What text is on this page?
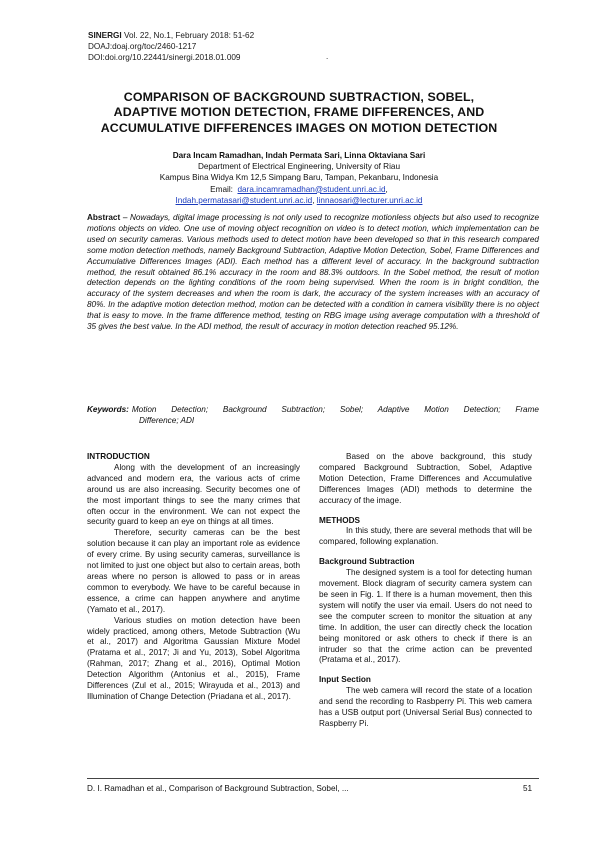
SINERGI Vol. 22, No.1, February 2018: 51-62
DOAJ:doaj.org/toc/2460-1217
DOI:doi.org/10.22441/sinergi.2018.01.009	.
COMPARISON OF BACKGROUND SUBTRACTION, SOBEL,
ADAPTIVE MOTION DETECTION, FRAME DIFFERENCES, AND
ACCUMULATIVE DIFFERENCES IMAGES ON MOTION DETECTION
Dara Incam Ramadhan, Indah Permata Sari, Linna Oktaviana Sari
Department of Electrical Engineering, University of Riau
Kampus Bina Widya Km 12,5 Simpang Baru, Tampan, Pekanbaru, Indonesia
Email: dara.incamramadhan@student.unri.ac.id,
Indah.permatasari@student.unri.ac.id, linnaosari@lecturer.unri.ac.id
Abstract – Nowadays, digital image processing is not only used to recognize motionless objects but also used to recognize motions objects on video. One use of moving object recognition on video is to detect motion, which implementation can be used on security cameras. Various methods used to detect motion have been developed so that in this research compared some motion detection methods, namely Background Subtraction, Adaptive Motion Detection, Sobel, Frame Differences and Accumulative Differences Images (ADI). Each method has a different level of accuracy. In the background subtraction method, the result obtained 86.1% accuracy in the room and 88.3% outdoors. In the Sobel method, the result of motion detection depends on the lighting conditions of the room being supervised. When the room is in bright condition, the accuracy of the system decreases and when the room is dark, the accuracy of the system increases with an accuracy of 80%. In the adaptive motion detection method, motion can be detected with a condition in camera visibility there is no object that is easy to move. In the frame difference method, testing on RBG image using average computation with a threshold of 35 gives the best value. In the ADI method, the result of accuracy in motion detection reached 95.12%.
Keywords: Motion Detection; Background Subtraction; Sobel; Adaptive Motion Detection; Frame
Difference; ADI
INTRODUCTION

Along with the development of an increasingly advanced and modern era, the various acts of crime around us are also increasing. Security becomes one of the most important things to see the many crimes that often occur in the environment. We can not expect the security guard to keep an eye on things at all times.

Therefore, security cameras can be the best solution because it can play an important role as evidence of every crime. By using security cameras, surveillance is not limited to just one object but also to certain areas, both areas where no person is allowed to pass or in areas common to everybody. We have to be careful because in essence, a crime can happen anywhere and anytime (Yamato et al., 2017).

Various studies on motion detection have been widely practiced, among others, Metode Subtraction (Wu et al., 2017) and Algoritma Gaussian Mixture Model (Pratama et al., 2017; Ji and Yu, 2013), Sobel Algoritma (Rahman, 2017; Zhang et al., 2016), Optimal Motion Detection Algorithm (Antonius et al., 2015), Frame Differences (Zul et al., 2015; Wirayuda et al., 2013) and Illumination of Change Detection (Priadana et al., 2017).

Based on the above background, this study compared Background Subtraction, Sobel, Adaptive Motion Detection, Frame Differences and Accumulative Differences Images (ADI) methods to determine the accuracy of the image.

METHODS

In this study, there are several methods that will be compared, following explanation.

Background Subtraction

The designed system is a tool for detecting human movement. Block diagram of security camera system can be seen in Fig. 1. If there is a human movement, then this system will notify the user via email. Users do not need to see the computer screen to monitor the situation at any time. In addition, the user can directly check the location being monitored or ask others to check if there is an intruder so that the crime action can be prevented (Pratama et al., 2017).

Input Section

The web camera will record the state of a location and send the recording to Rasbperry Pi. This web camera has a USB output port (Universal Serial Bus) connected to Raspberry Pi.

D. I. Ramadhan et al., Comparison of Background Subtraction, Sobel, ...	51
